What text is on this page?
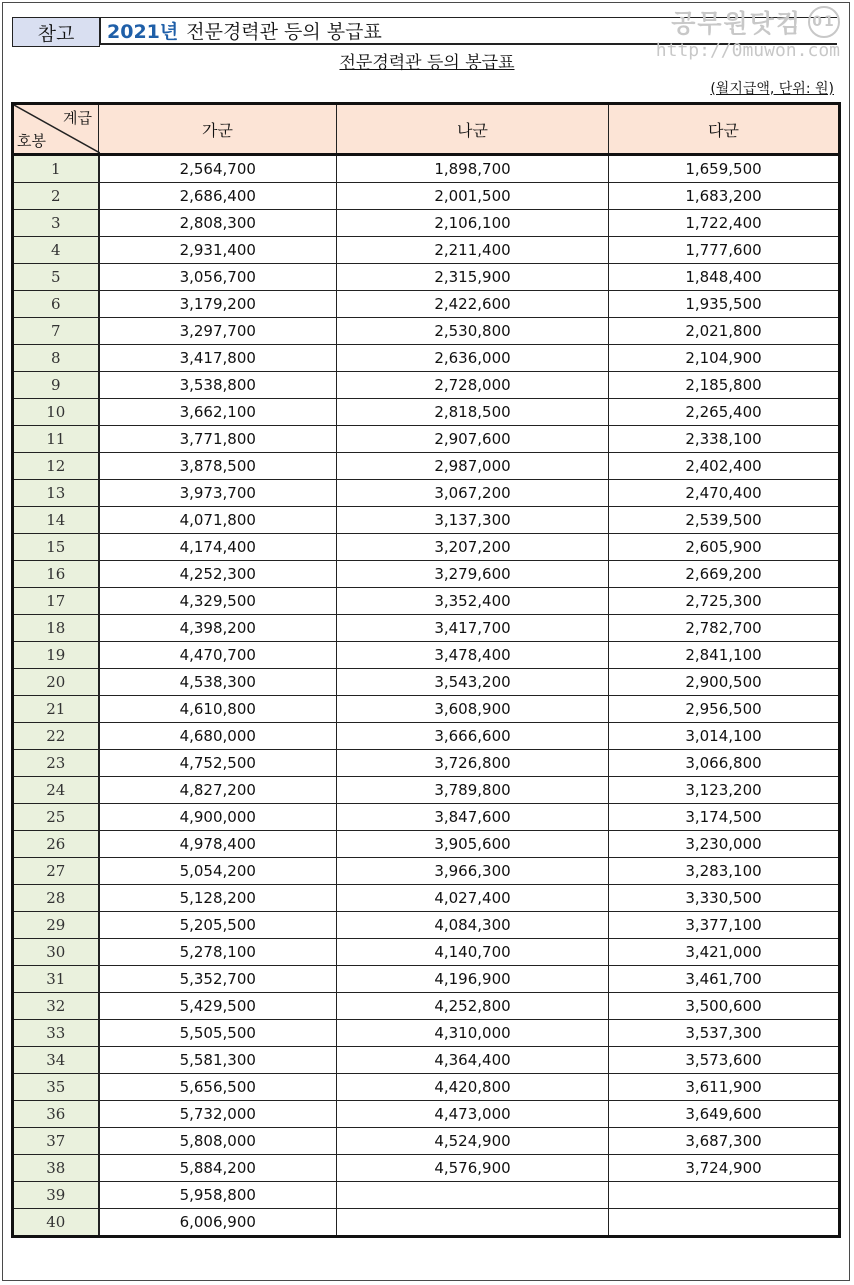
참고	2021년 전문경력관 등의 봉급표	공무원닷컴 01
http://0muwon.com
전문경력관 등의 봉급표
(월지급액, 단위: 원)
계급
호봉	가군	나군	다군
1	2,564,700	1,898,700	1,659,500
2	2,686,400	2,001,500	1,683,200
3	2,808,300	2,106,100	1,722,400
4	2,931,400	2,211,400	1,777,600
5	3,056,700	2,315,900	1,848,400
6	3,179,200	2,422,600	1,935,500
7	3,297,700	2,530,800	2,021,800
8	3,417,800	2,636,000	2,104,900
9	3,538,800	2,728,000	2,185,800
10	3,662,100	2,818,500	2,265,400
11	3,771,800	2,907,600	2,338,100
12	3,878,500	2,987,000	2,402,400
13	3,973,700	3,067,200	2,470,400
14	4,071,800	3,137,300	2,539,500
15	4,174,400	3,207,200	2,605,900
16	4,252,300	3,279,600	2,669,200
17	4,329,500	3,352,400	2,725,300
18	4,398,200	3,417,700	2,782,700
19	4,470,700	3,478,400	2,841,100
20	4,538,300	3,543,200	2,900,500
21	4,610,800	3,608,900	2,956,500
22	4,680,000	3,666,600	3,014,100
23	4,752,500	3,726,800	3,066,800
24	4,827,200	3,789,800	3,123,200
25	4,900,000	3,847,600	3,174,500
26	4,978,400	3,905,600	3,230,000
27	5,054,200	3,966,300	3,283,100
28	5,128,200	4,027,400	3,330,500
29	5,205,500	4,084,300	3,377,100
30	5,278,100	4,140,700	3,421,000
31	5,352,700	4,196,900	3,461,700
32	5,429,500	4,252,800	3,500,600
33	5,505,500	4,310,000	3,537,300
34	5,581,300	4,364,400	3,573,600
35	5,656,500	4,420,800	3,611,900
36	5,732,000	4,473,000	3,649,600
37	5,808,000	4,524,900	3,687,300
38	5,884,200	4,576,900	3,724,900
39	5,958,800		
40	6,006,900		
